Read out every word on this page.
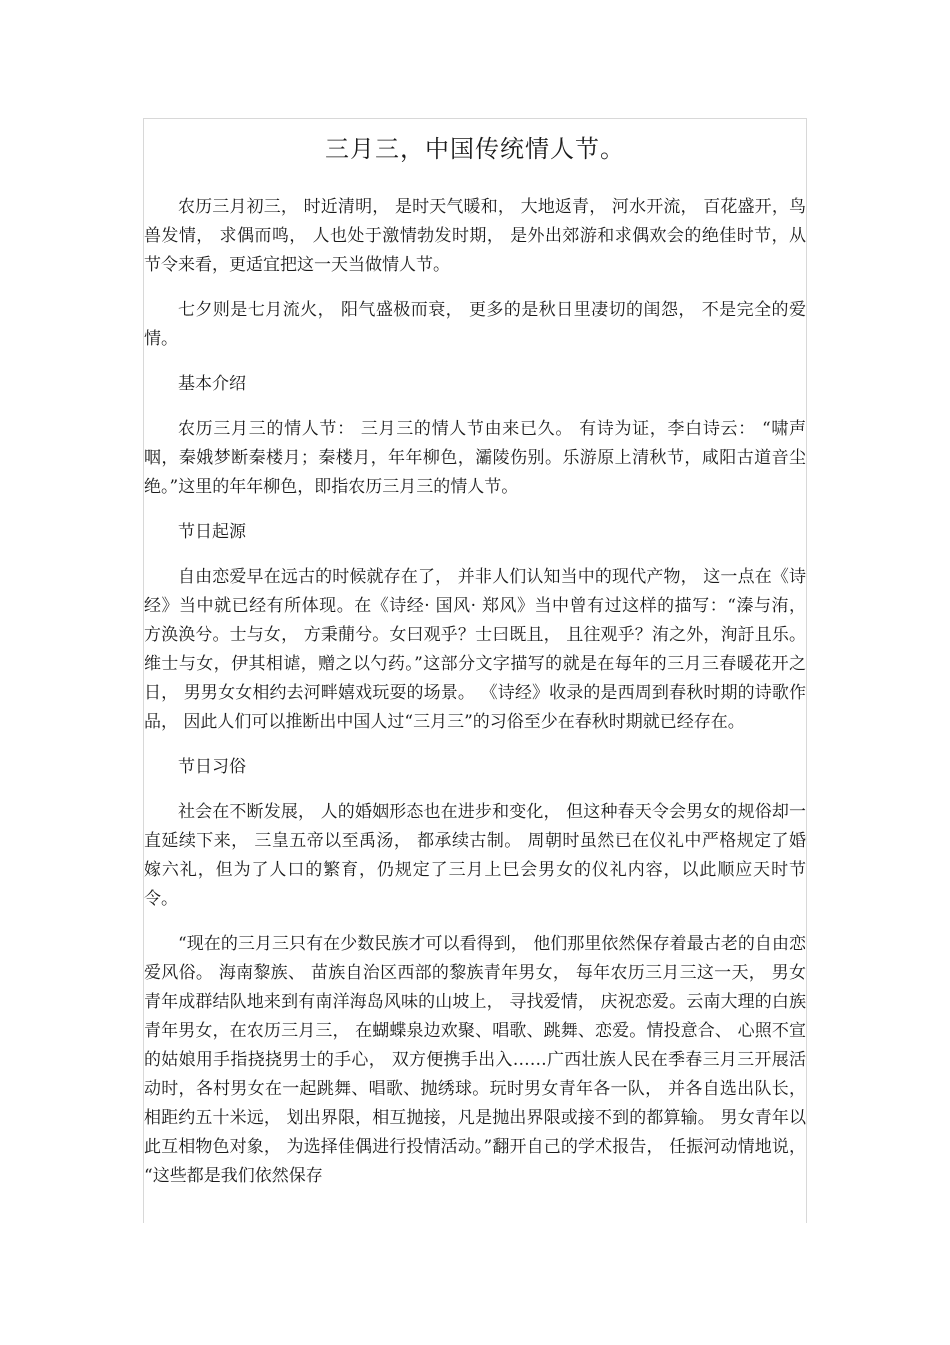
三月三，中国传统情人节。

农历三月初三， 时近清明， 是时天气暖和， 大地返青， 河水开流， 百花盛开，鸟兽发情， 求偶而鸣， 人也处于激情勃发时期， 是外出郊游和求偶欢会的绝佳时节，从节令来看，更适宜把这一天当做情人节。

七夕则是七月流火， 阳气盛极而衰， 更多的是秋日里凄切的闺怨， 不是完全的爱情。

基本介绍

农历三月三的情人节： 三月三的情人节由来已久。 有诗为证，李白诗云： “啸声咽，秦娥梦断秦楼月；秦楼月，年年柳色，灞陵伤别。乐游原上清秋节，咸阳古道音尘绝。”这里的年年柳色，即指农历三月三的情人节。

节日起源

自由恋爱早在远古的时候就存在了， 并非人们认知当中的现代产物， 这一点在《诗经》当中就已经有所体现。在《诗经· 国风· 郑风》当中曾有过这样的描写：“溱与洧， 方涣涣兮。士与女， 方秉蕑兮。女曰观乎？士曰既且， 且往观乎？洧之外，洵訏且乐。维士与女，伊其相谑，赠之以勺药。”这部分文字描写的就是在每年的三月三春暖花开之日， 男男女女相约去河畔嬉戏玩耍的场景。 《诗经》收录的是西周到春秋时期的诗歌作品， 因此人们可以推断出中国人过“三月三”的习俗至少在春秋时期就已经存在。

节日习俗

社会在不断发展， 人的婚姻形态也在进步和变化， 但这种春天令会男女的规俗却一直延续下来， 三皇五帝以至禹汤， 都承续古制。 周朝时虽然已在仪礼中严格规定了婚嫁六礼，但为了人口的繁育，仍规定了三月上巳会男女的仪礼内容，以此顺应天时节令。

“现在的三月三只有在少数民族才可以看得到， 他们那里依然保存着最古老的自由恋爱风俗。 海南黎族、 苗族自治区西部的黎族青年男女， 每年农历三月三这一天， 男女青年成群结队地来到有南洋海岛风味的山坡上， 寻找爱情， 庆祝恋爱。云南大理的白族青年男女，在农历三月三， 在蝴蝶泉边欢聚、唱歌、跳舞、恋爱。情投意合、 心照不宣的姑娘用手指挠挠男士的手心， 双方便携手出入……广西壮族人民在季春三月三开展活动时，各村男女在一起跳舞、唱歌、抛绣球。玩时男女青年各一队， 并各自选出队长， 相距约五十米远， 划出界限，相互抛接，凡是抛出界限或接不到的都算输。 男女青年以此互相物色对象， 为选择佳偶进行投情活动。”翻开自己的学术报告， 任振河动情地说， “这些都是我们依然保存
